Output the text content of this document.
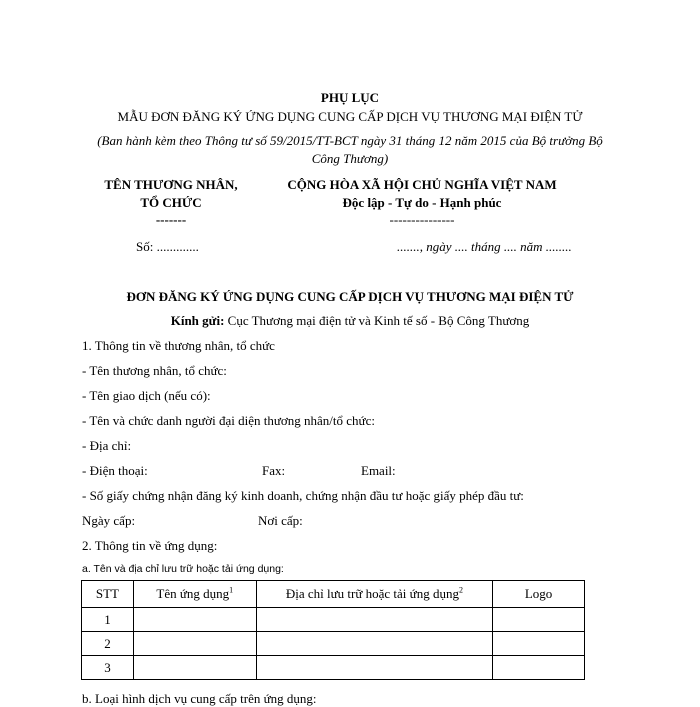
PHỤ LỤC
MẪU ĐƠN ĐĂNG KÝ ỨNG DỤNG CUNG CẤP DỊCH VỤ THƯƠNG MẠI ĐIỆN TỬ
(Ban hành kèm theo Thông tư số 59/2015/TT-BCT ngày 31 tháng 12 năm 2015 của Bộ trưởng Bộ
Công Thương)
TÊN THƯƠNG NHÂN,
TỔ CHỨC
-------
Số: .............
CỘNG HÒA XÃ HỘI CHỦ NGHĨA VIỆT NAM
Độc lập - Tự do - Hạnh phúc
---------------
......., ngày .... tháng .... năm ........
ĐƠN ĐĂNG KÝ ỨNG DỤNG CUNG CẤP DỊCH VỤ THƯƠNG MẠI ĐIỆN TỬ
Kính gửi: Cục Thương mại điện tử và Kinh tế số - Bộ Công Thương
1. Thông tin về thương nhân, tổ chức
- Tên thương nhân, tổ chức:
- Tên giao dịch (nếu có):
- Tên và chức danh người đại diện thương nhân/tổ chức:
- Địa chỉ:
- Điện thoại:	Fax:	Email:
- Số giấy chứng nhận đăng ký kinh doanh, chứng nhận đầu tư hoặc giấy phép đầu tư:
Ngày cấp:	Nơi cấp:
2. Thông tin về ứng dụng:
a. Tên và địa chỉ lưu trữ hoặc tải ứng dụng:
STT	Tên ứng dụng$^1$	Địa chỉ lưu trữ hoặc tải ứng dụng$^2$	Logo
1			
2			
3			
b. Loại hình dịch vụ cung cấp trên ứng dụng:
